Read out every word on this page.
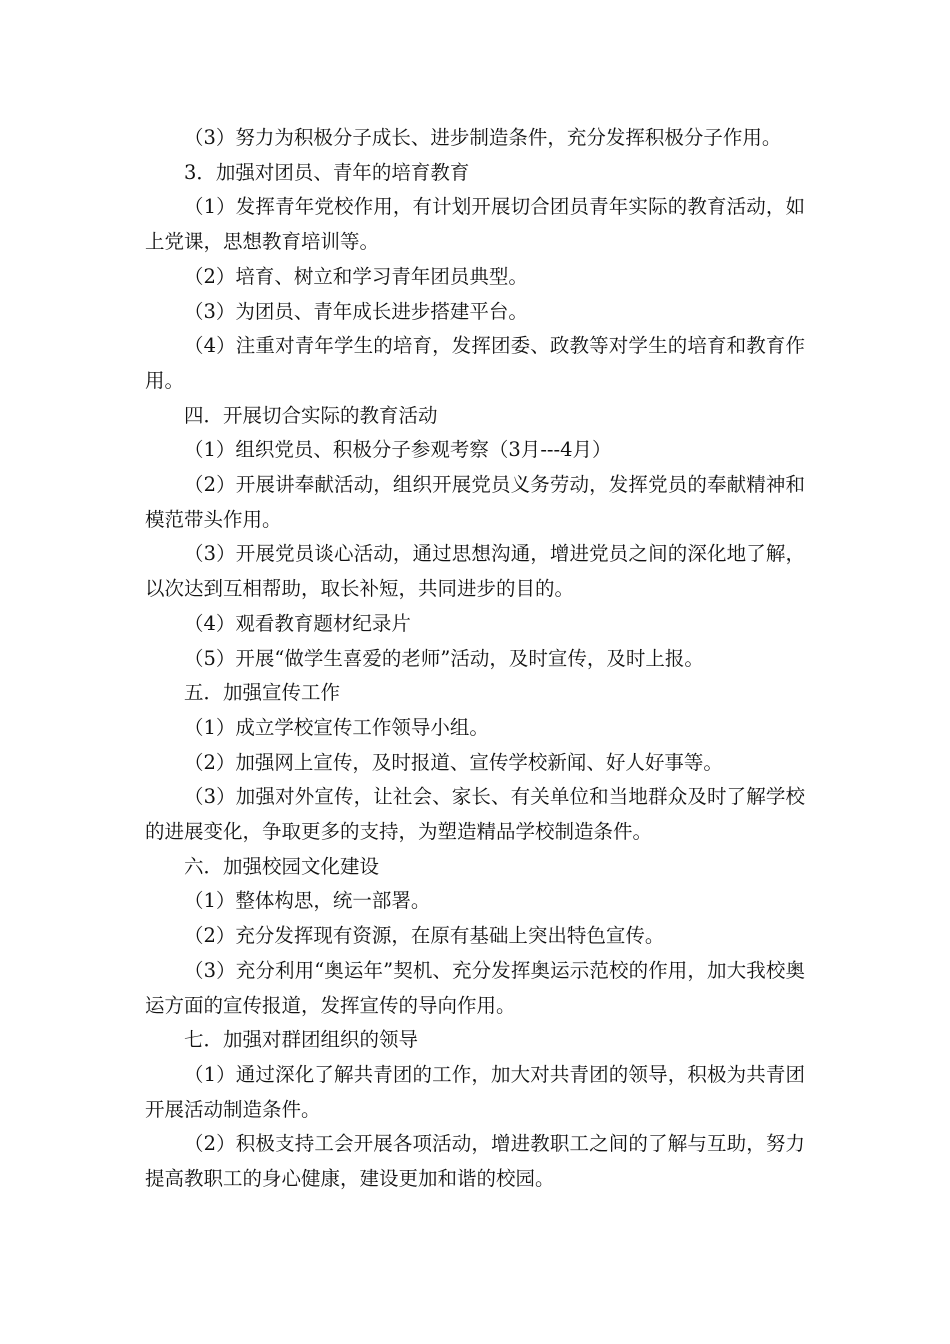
（3）努力为积极分子成长、进步制造条件，充分发挥积极分子作用。

3．加强对团员、青年的培育教育

（1）发挥青年党校作用，有计划开展切合团员青年实际的教育活动，如上党课，思想教育培训等。

（2）培育、树立和学习青年团员典型。

（3）为团员、青年成长进步搭建平台。

（4）注重对青年学生的培育，发挥团委、政教等对学生的培育和教育作用。

四．开展切合实际的教育活动

（1）组织党员、积极分子参观考察（3月---4月）

（2）开展讲奉献活动，组织开展党员义务劳动，发挥党员的奉献精神和模范带头作用。

（3）开展党员谈心活动，通过思想沟通，增进党员之间的深化地了解，以次达到互相帮助，取长补短，共同进步的目的。

（4）观看教育题材纪录片

（5）开展“做学生喜爱的老师”活动，及时宣传，及时上报。

五．加强宣传工作

（1）成立学校宣传工作领导小组。

（2）加强网上宣传，及时报道、宣传学校新闻、好人好事等。

（3）加强对外宣传，让社会、家长、有关单位和当地群众及时了解学校的进展变化，争取更多的支持，为塑造精品学校制造条件。

六．加强校园文化建设

（1）整体构思，统一部署。

（2）充分发挥现有资源，在原有基础上突出特色宣传。

（3）充分利用“奥运年”契机、充分发挥奥运示范校的作用，加大我校奥运方面的宣传报道，发挥宣传的导向作用。

七．加强对群团组织的领导

（1）通过深化了解共青团的工作，加大对共青团的领导，积极为共青团开展活动制造条件。

（2）积极支持工会开展各项活动，增进教职工之间的了解与互助，努力提高教职工的身心健康，建设更加和谐的校园。
